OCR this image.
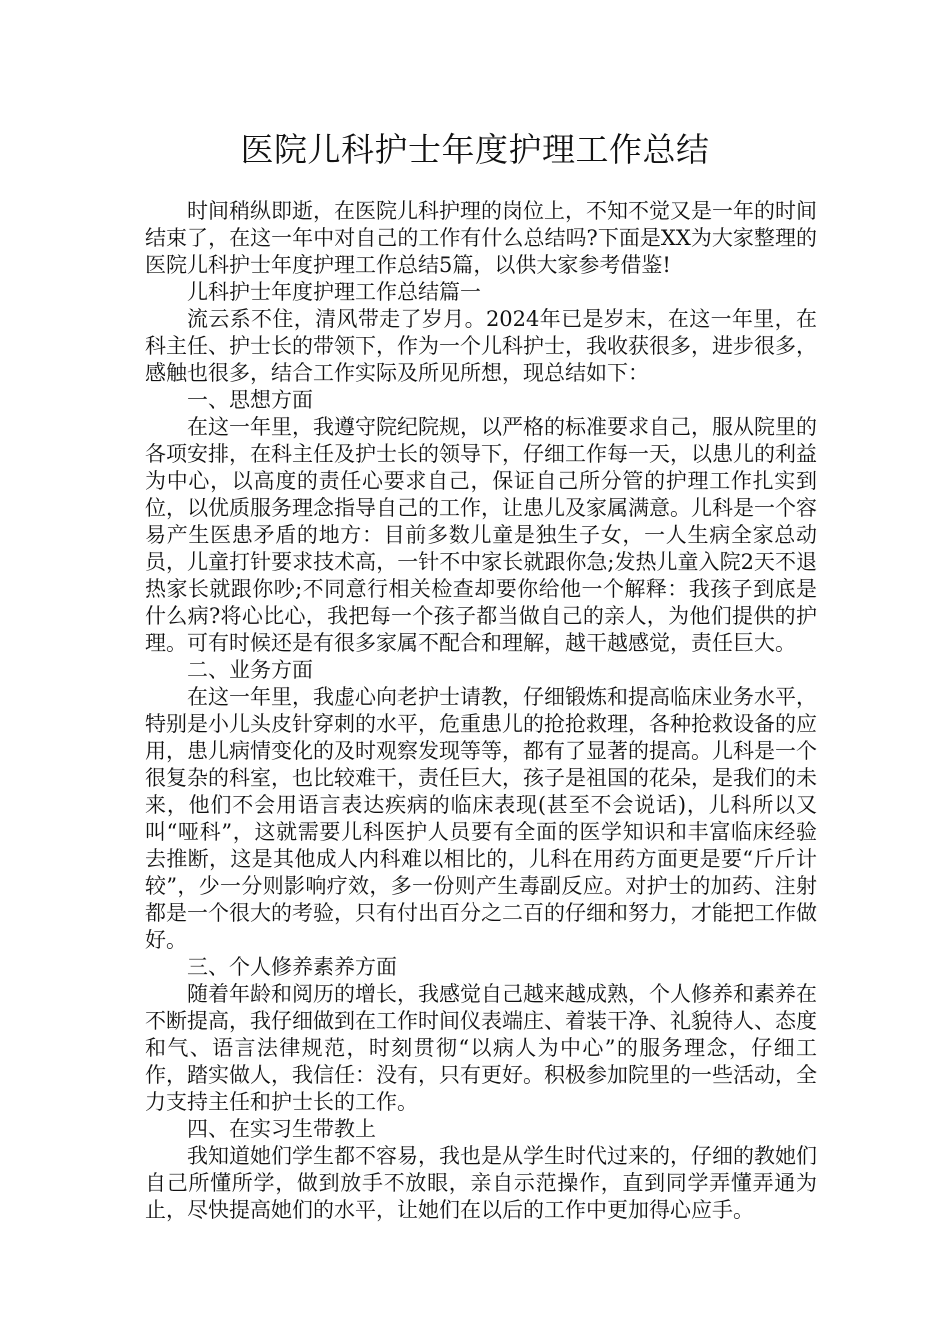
医院儿科护士年度护理工作总结

时间稍纵即逝，在医院儿科护理的岗位上，不知不觉又是一年的时间结束了，在这一年中对自己的工作有什么总结吗?下面是XX为大家整理的医院儿科护士年度护理工作总结5篇，以供大家参考借鉴!

儿科护士年度护理工作总结篇一

流云系不住，清风带走了岁月。2024年已是岁末，在这一年里，在科主任、护士长的带领下，作为一个儿科护士，我收获很多，进步很多，感触也很多，结合工作实际及所见所想，现总结如下：

一、思想方面

在这一年里，我遵守院纪院规，以严格的标准要求自己，服从院里的各项安排，在科主任及护士长的领导下，仔细工作每一天，以患儿的利益为中心，以高度的责任心要求自己，保证自己所分管的护理工作扎实到位，以优质服务理念指导自己的工作，让患儿及家属满意。儿科是一个容易产生医患矛盾的地方：目前多数儿童是独生子女，一人生病全家总动员，儿童打针要求技术高，一针不中家长就跟你急;发热儿童入院2天不退热家长就跟你吵;不同意行相关检查却要你给他一个解释：我孩子到底是什么病?将心比心，我把每一个孩子都当做自己的亲人，为他们提供的护理。可有时候还是有很多家属不配合和理解，越干越感觉，责任巨大。

二、业务方面

在这一年里，我虚心向老护士请教，仔细锻炼和提高临床业务水平，特别是小儿头皮针穿刺的水平，危重患儿的抢抢救理，各种抢救设备的应用，患儿病情变化的及时观察发现等等，都有了显著的提高。儿科是一个很复杂的科室，也比较难干，责任巨大，孩子是祖国的花朵，是我们的未来，他们不会用语言表达疾病的临床表现(甚至不会说话)，儿科所以又叫“哑科”，这就需要儿科医护人员要有全面的医学知识和丰富临床经验去推断，这是其他成人内科难以相比的，儿科在用药方面更是要“斤斤计较”，少一分则影响疗效，多一份则产生毒副反应。对护士的加药、注射都是一个很大的考验，只有付出百分之二百的仔细和努力，才能把工作做好。

三、个人修养素养方面

随着年龄和阅历的增长，我感觉自己越来越成熟，个人修养和素养在不断提高，我仔细做到在工作时间仪表端庄、着装干净、礼貌待人、态度和气、语言法律规范，时刻贯彻“以病人为中心”的服务理念，仔细工作，踏实做人，我信任：没有，只有更好。积极参加院里的一些活动，全力支持主任和护士长的工作。

四、在实习生带教上

我知道她们学生都不容易，我也是从学生时代过来的，仔细的教她们自己所懂所学，做到放手不放眼，亲自示范操作，直到同学弄懂弄通为止，尽快提高她们的水平，让她们在以后的工作中更加得心应手。
